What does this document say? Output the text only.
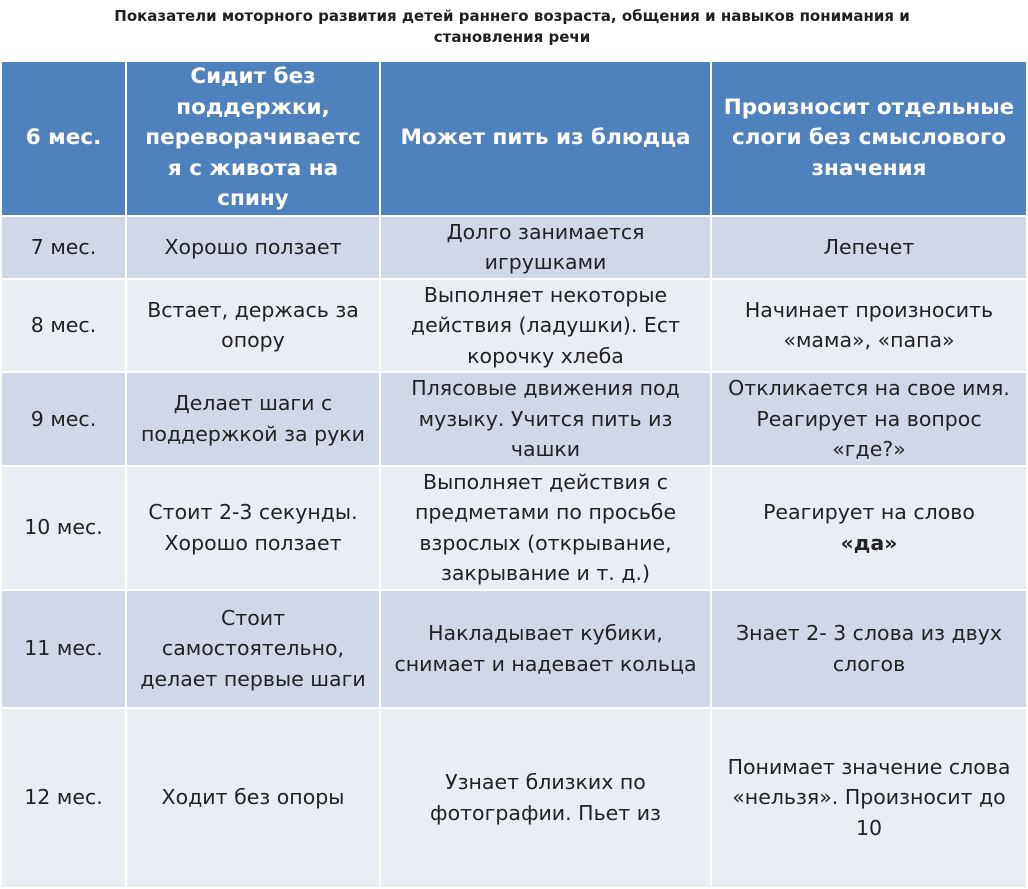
Показатели моторного развития детей раннего возраста, общения и навыков понимания и
становления речи
6 мес.	Сидит без поддержки, переворачиваетс я с живота на спину	Может пить из блюдца	Произносит отдельные слоги без смыслового значения
7 мес.	Хорошо ползает	Долго занимается игрушками	Лепечет
8 мес.	Встает, держась за опору	Выполняет некоторые действия (ладушки). Ест корочку хлеба	Начинает произносить «мама», «папа»
9 мес.	Делает шаги с поддержкой за руки	Плясовые движения под музыку. Учится пить из чашки	Откликается на свое имя. Реагирует на вопрос «где?»
10 мес.	Стоит 2-3 секунды. Хорошо ползает	Выполняет действия с предметами по просьбе взрослых (открывание, закрывание и т. д.)	Реагирует на слово
«да»
11 мес.	Стоит самостоятельно, делает первые шаги	Накладывает кубики, снимает и надевает кольца	Знает 2- 3 слова из двух слогов
12 мес.	Ходит без опоры	Узнает близких по фотографии. Пьет из	Понимает значение слова «нельзя». Произносит до 10
